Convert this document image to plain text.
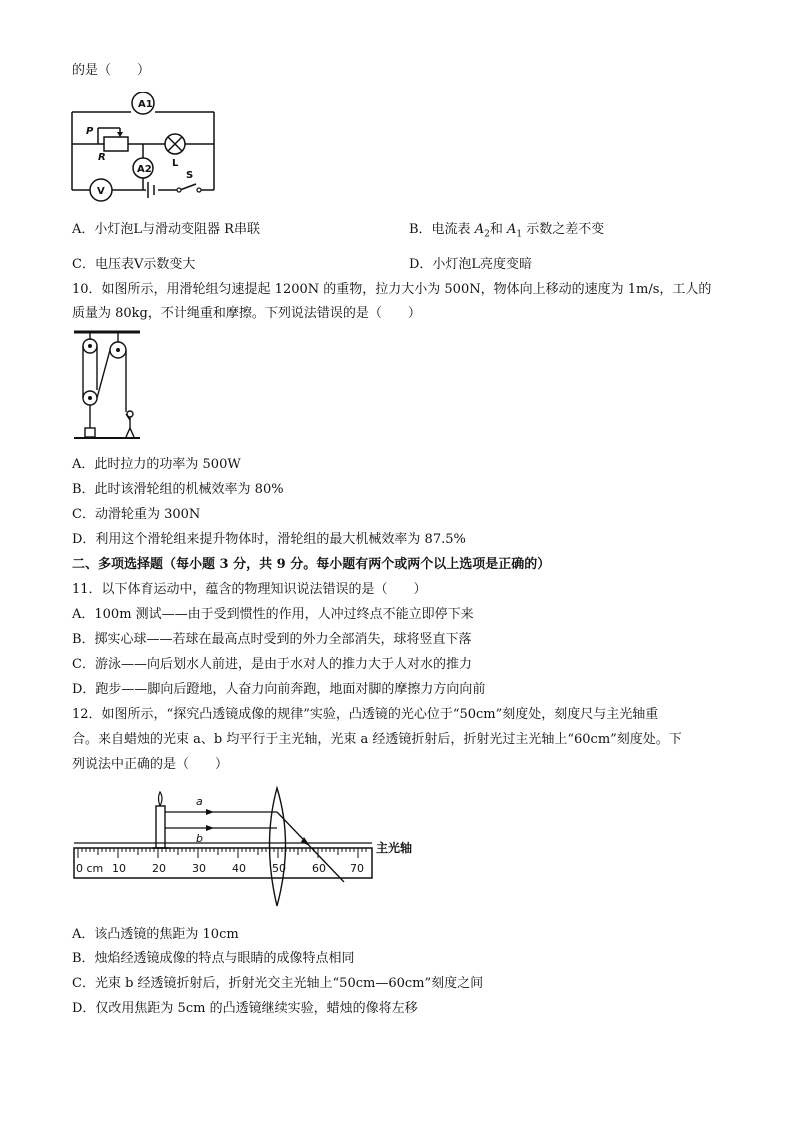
的是（　　）
A1
P
R
L
A2
V
S
A．小灯泡L与滑动变阻器 R串联	B．电流表 $A_2$和 $A_1$ 示数之差不变
C．电压表V示数变大	D．小灯泡L亮度变暗
10．如图所示，用滑轮组匀速提起 1200N 的重物，拉力大小为 500N，物体向上移动的速度为 1m/s，工人的
质量为 80kg，不计绳重和摩擦。下列说法错误的是（　　）
A．此时拉力的功率为 500W
B．此时该滑轮组的机械效率为 80%
C．动滑轮重为 300N
D．利用这个滑轮组来提升物体时，滑轮组的最大机械效率为 87.5%
二、多项选择题（每小题 3 分，共 9 分。每小题有两个或两个以上选项是正确的）
11．以下体育运动中，蕴含的物理知识说法错误的是（　　）
A．100m 测试——由于受到惯性的作用，人冲过终点不能立即停下来
B．掷实心球——若球在最高点时受到的外力全部消失，球将竖直下落
C．游泳——向后划水人前进，是由于水对人的推力大于人对水的推力
D．跑步——脚向后蹬地，人奋力向前奔跑，地面对脚的摩擦力方向向前
12．如图所示，“探究凸透镜成像的规律”实验，凸透镜的光心位于“50cm”刻度处，刻度尺与主光轴重
合。来自蜡烛的光束 a、b 均平行于主光轴，光束 a 经透镜折射后，折射光过主光轴上“60cm”刻度处。下
列说法中正确的是（　　）
a
b
主光轴
0 cm 10 20 30 40 50 60 70
A．该凸透镜的焦距为 10cm
B．烛焰经透镜成像的特点与眼睛的成像特点相同
C．光束 b 经透镜折射后，折射光交主光轴上“50cm—60cm”刻度之间
D．仅改用焦距为 5cm 的凸透镜继续实验，蜡烛的像将左移
